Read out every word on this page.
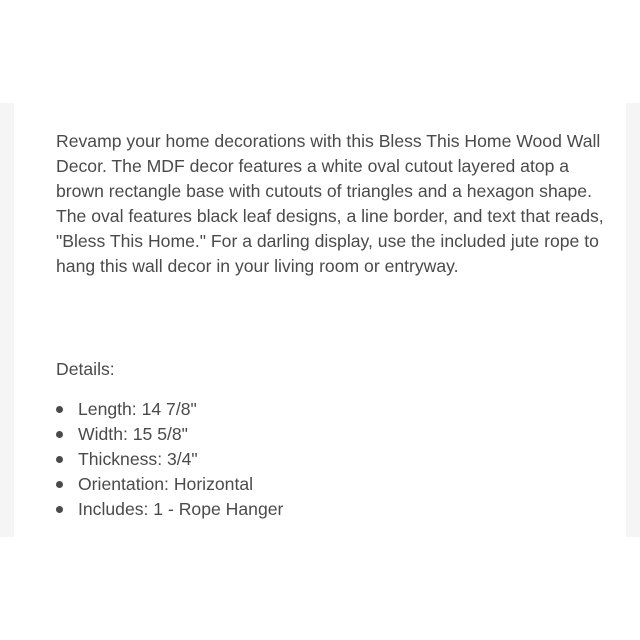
Revamp your home decorations with this Bless This Home Wood Wall Decor. The MDF decor features a white oval cutout layered atop a brown rectangle base with cutouts of triangles and a hexagon shape. The oval features black leaf designs, a line border, and text that reads, "Bless This Home." For a darling display, use the included jute rope to hang this wall decor in your living room or entryway.

Details:
Length: 14 7/8"
Width: 15 5/8"
Thickness: 3/4"
Orientation: Horizontal
Includes: 1 - Rope Hanger
